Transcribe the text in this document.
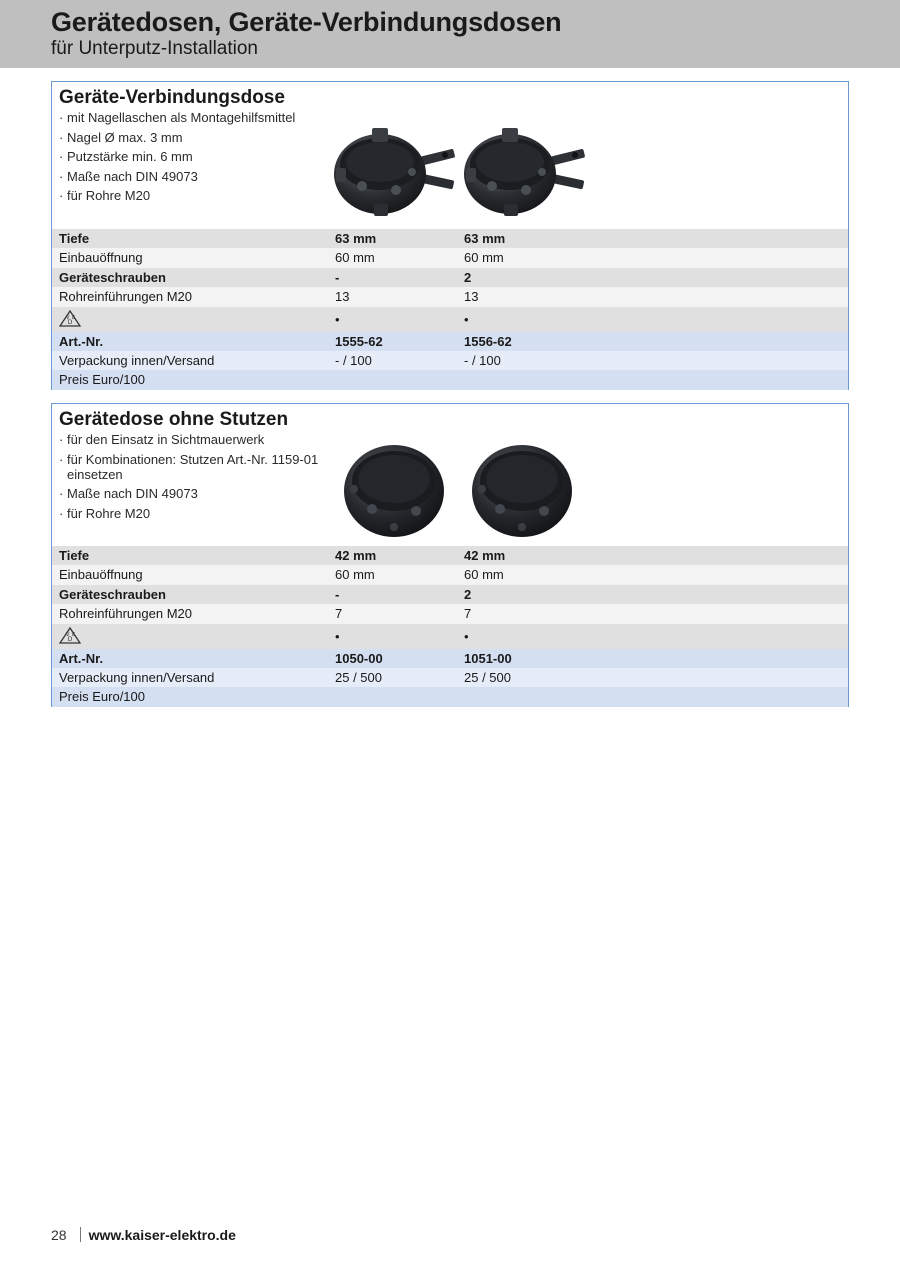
Gerätedosen, Geräte-Verbindungsdosen
für Unterputz-Installation
Geräte-Verbindungsdose
· mit Nagellaschen als Montagehilfsmittel
· Nagel Ø max. 3 mm
· Putzstärke min. 6 mm
· Maße nach DIN 49073
· für Rohre M20
Tiefe	63 mm	63 mm
Einbauöffnung	60 mm	60 mm
Geräteschrauben	-	2
Rohreinführungen M20	13	13
D
V E	•	•
Art.-Nr.	1555-62	1556-62
Verpackung innen/Versand	- / 100	- / 100
Preis Euro/100
Gerätedose ohne Stutzen
· für den Einsatz in Sichtmauerwerk
· für Kombinationen: Stutzen Art.-Nr. 1159-01 einsetzen
· Maße nach DIN 49073
· für Rohre M20
Tiefe	42 mm	42 mm
Einbauöffnung	60 mm	60 mm
Geräteschrauben	-	2
Rohreinführungen M20	7	7
D
V E	•	•
Art.-Nr.	1050-00	1051-00
Verpackung innen/Versand	25 / 500	25 / 500
Preis Euro/100
28 www.kaiser-elektro.de
